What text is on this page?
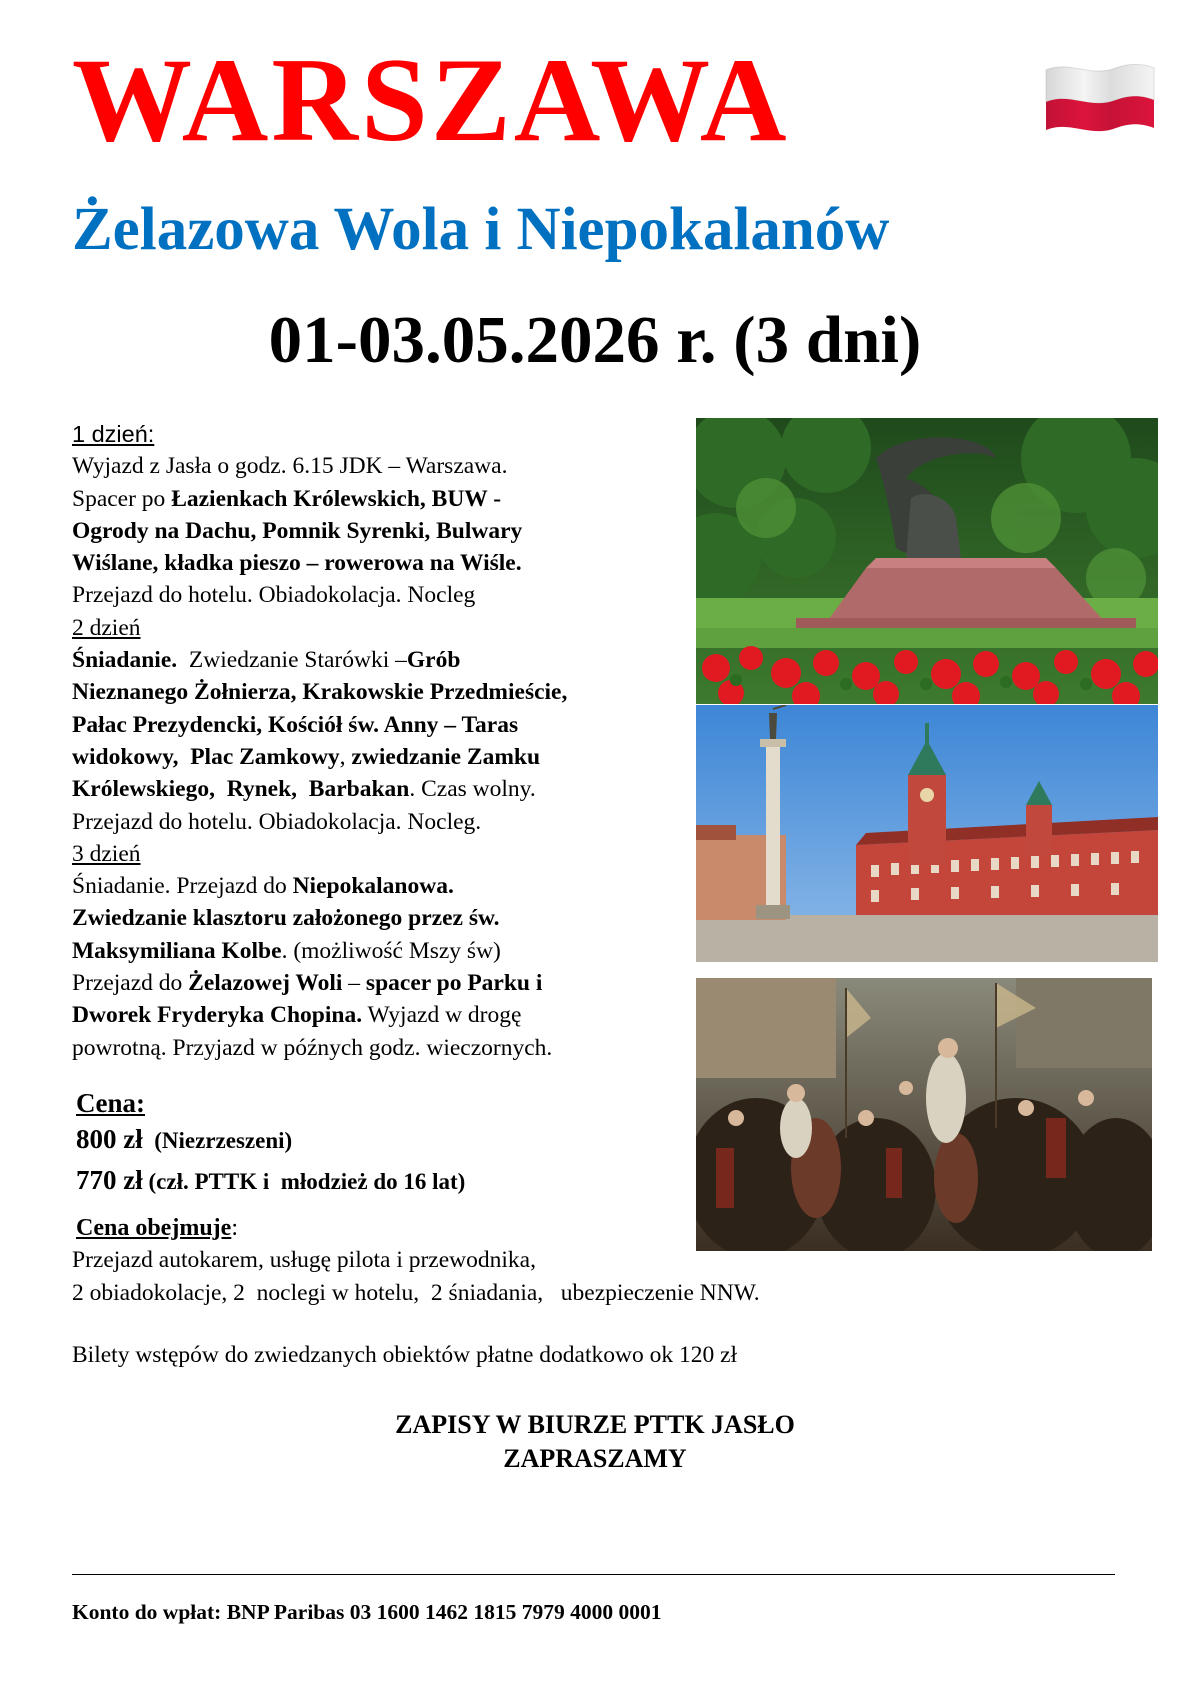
WARSZAWA
Żelazowa Wola i Niepokalanów
01-03.05.2026 r. (3 dni)
1 dzień:
Wyjazd z Jasła o godz. 6.15 JDK – Warszawa.
Spacer po Łazienkach Królewskich, BUW -
Ogrody na Dachu, Pomnik Syrenki, Bulwary
Wiślane, kładka pieszo – rowerowa na Wiśle.
Przejazd do hotelu. Obiadokolacja. Nocleg
2 dzień
Śniadanie.  Zwiedzanie Starówki –Grób
Nieznanego Żołnierza, Krakowskie Przedmieście,
Pałac Prezydencki, Kościół św. Anny – Taras
widokowy,  Plac Zamkowy, zwiedzanie Zamku
Królewskiego,  Rynek,  Barbakan. Czas wolny.
Przejazd do hotelu. Obiadokolacja. Nocleg.
3 dzień
Śniadanie. Przejazd do Niepokalanowa.
Zwiedzanie klasztoru założonego przez św.
Maksymiliana Kolbe. (możliwość Mszy św)
Przejazd do Żelazowej Woli – spacer po Parku i
Dworek Fryderyka Chopina. Wyjazd w drogę
powrotną. Przyjazd w późnych godz. wieczornych.
Cena:
800 zł  (Niezrzeszeni)
770 zł (czł. PTTK i  młodzież do 16 lat)
Cena obejmuje:
Przejazd autokarem, usługę pilota i przewodnika,
2 obiadokolacje, 2  noclegi w hotelu,  2 śniadania,   ubezpieczenie NNW.
Bilety wstępów do zwiedzanych obiektów płatne dodatkowo ok 120 zł
ZAPISY W BIURZE PTTK JASŁO
ZAPRASZAMY
Konto do wpłat: BNP Paribas 03 1600 1462 1815 7979 4000 0001
